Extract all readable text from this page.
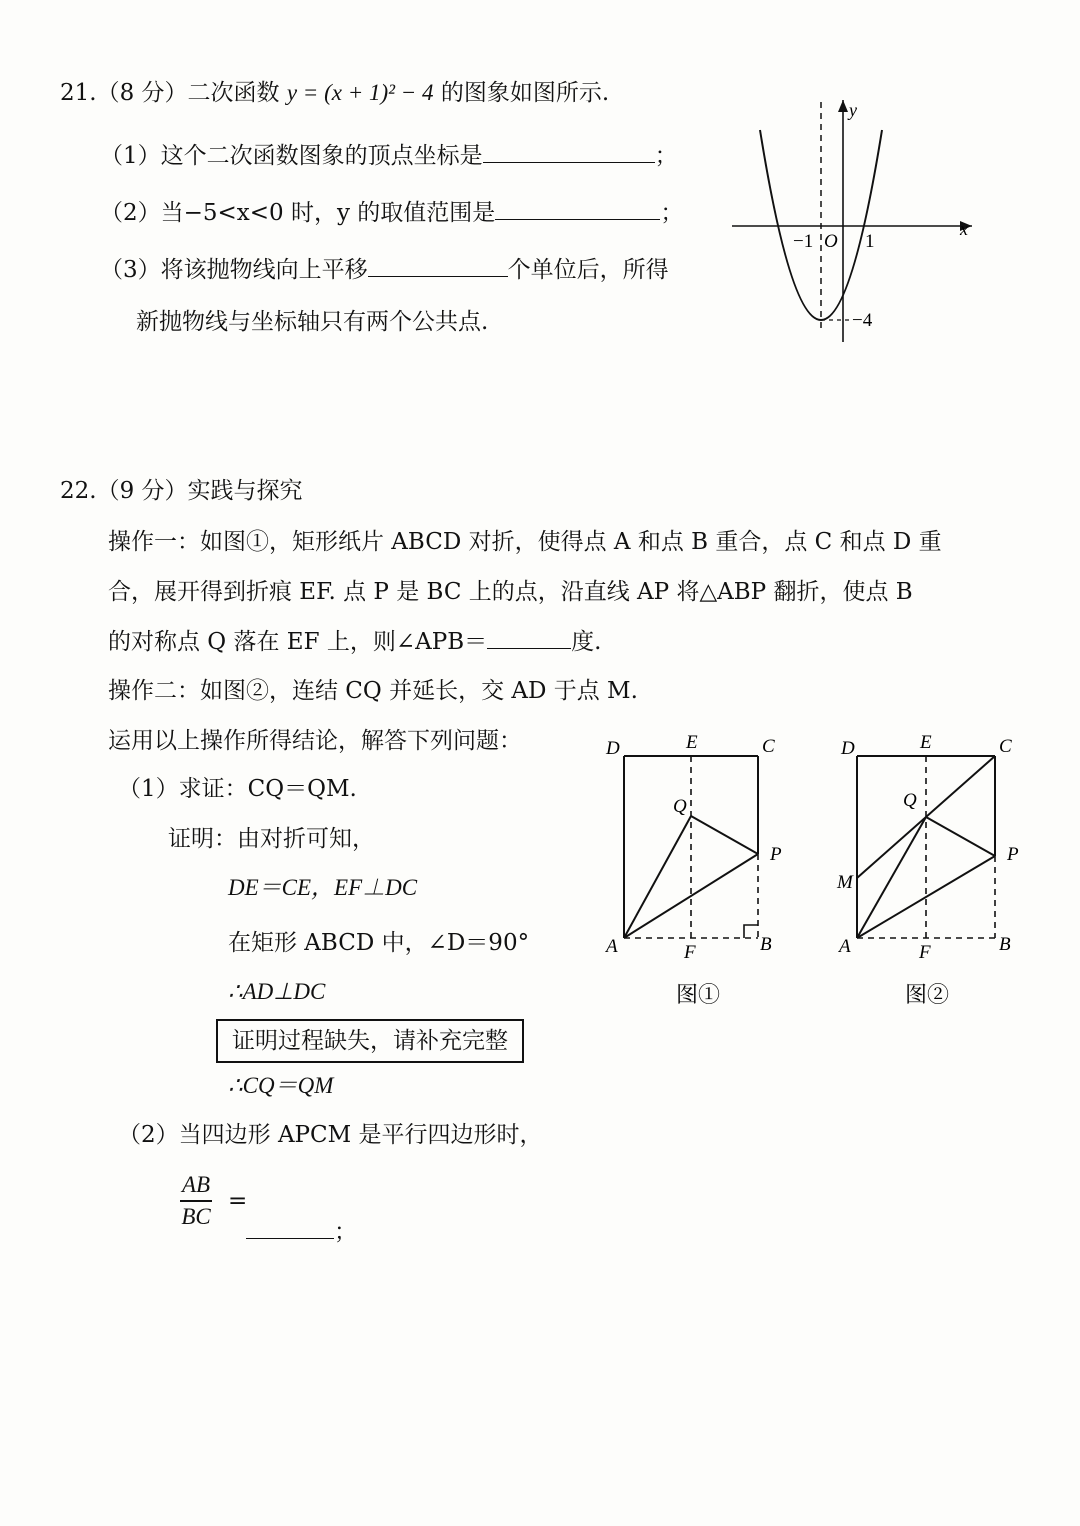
21.（8 分）二次函数 y = (x + 1)² − 4 的图象如图所示.
（1）这个二次函数图象的顶点坐标是	；
（2）当−5<x<0 时，y 的取值范围是	；
（3）将该抛物线向上平移	个单位后，所得
新抛物线与坐标轴只有两个公共点.
x
y
−1 O 1
−4
22.（9 分）实践与探究
操作一：如图①，矩形纸片 ABCD 对折，使得点 A 和点 B 重合，点 C 和点 D 重
合，展开得到折痕 EF. 点 P 是 BC 上的点，沿直线 AP 将△ABP 翻折，使点 B
的对称点 Q 落在 EF 上，则∠APB＝	度.
操作二：如图②，连结 CQ 并延长，交 AD 于点 M.
运用以上操作所得结论，解答下列问题：
（1）求证：CQ＝QM.
证明：由对折可知，
DE＝CE，EF⊥DC
在矩形 ABCD 中，∠D＝90°
∴AD⊥DC
证明过程缺失，请补充完整
∴CQ＝QM
（2）当四边形 APCM 是平行四边形时，
$\frac{AB}{BC}$ =
；
D	E	C
Q
P
A	F	B
图①
D	E	C
Q
P
M
A	F	B
图②
